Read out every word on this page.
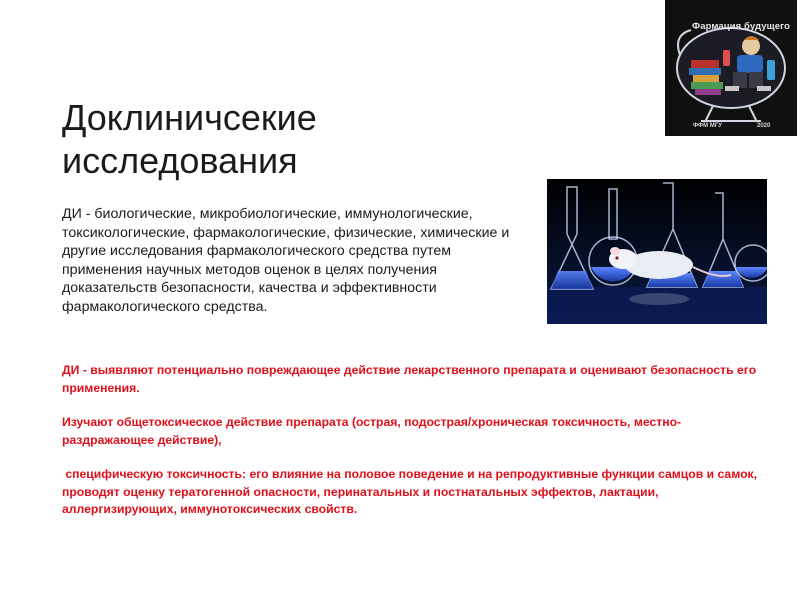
Фармация будущего
ФФМ МГУ	2020
Доклиничсекие исследования
ДИ - биологические, микробиологические, иммунологические, токсикологические, фармакологические, физические, химические и другие исследования фармакологического средства путем применения научных методов оценок в целях получения доказательств безопасности, качества и эффективности фармакологического средства.
ДИ - выявляют потенциально повреждающее действие лекарственного препарата и оценивают безопасность его применения.
Изучают общетоксическое действие препарата (острая, подострая/хроническая токсичность, местно-раздражающее действие),
специфическую токсичность: его влияние на половое поведение и на репродуктивные функции самцов и самок, проводят оценку тератогенной опасности, перинатальных и постнатальных эффектов, лактации, аллергизирующих, иммунотоксических свойств.
